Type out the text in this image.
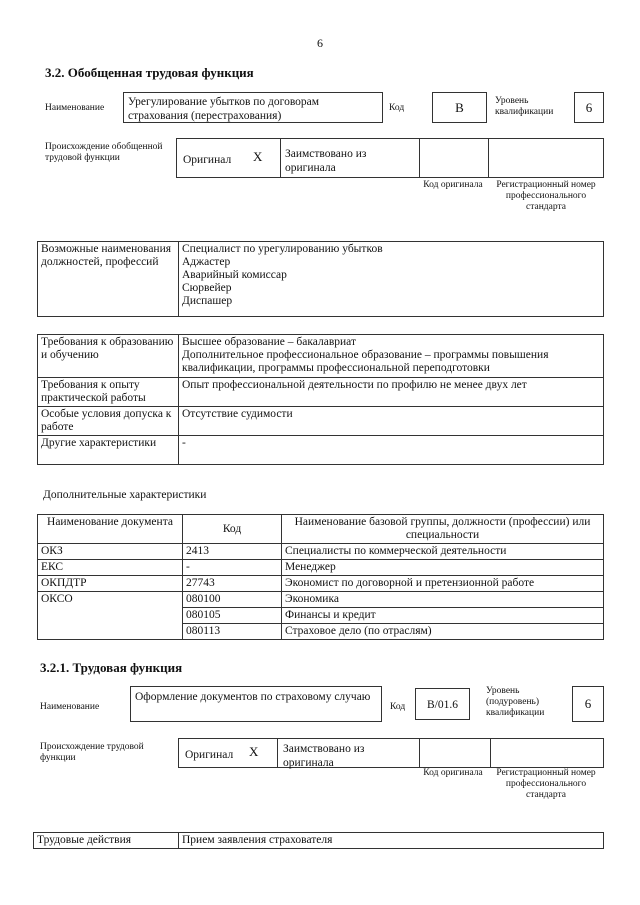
6
3.2. Обобщенная трудовая функция
Наименование Урегулирование убытков по договорам страхования (перестрахования)
Код	В	Уровень квалификации	6
Происхождение обобщенной трудовой функции	Оригинал Х Заимствовано из оригинала
Код оригинала	Регистрационный номер профессионального стандарта
Возможные наименования должностей, профессий	
Специалист по урегулированию убытков
Аджастер
Аварийный комиссар
Сюрвейер
Диспашер
Требования к образованию и обучению	Высшее образование – бакалавриат
Дополнительное профессиональное образование – программы повышения квалификации, программы профессиональной переподготовки
Требования к опыту практической работы	Опыт профессиональной деятельности по профилю не менее двух лет
Особые условия допуска к работе	Отсутствие судимости
Другие характеристики	-
Дополнительные характеристики
Наименование документа	Код	Наименование базовой группы, должности (профессии) или специальности
ОКЗ	2413	Специалисты по коммерческой деятельности
ЕКС	-	Менеджер
ОКПДТР	27743	Экономист по договорной и претензионной работе
ОКСО	080100	Экономика
	080105	Финансы и кредит
	080113	Страховое дело (по отраслям)
3.2.1. Трудовая функция
Наименование
Оформление документов по страховому случаю
Код	В/01.6
Уровень (подуровень) квалификации
6
Происхождение трудовой функции	Оригинал Х Заимствовано из оригинала
Код оригинала	Регистрационный номер профессионального стандарта
Трудовые действия	Прием заявления страхователя
